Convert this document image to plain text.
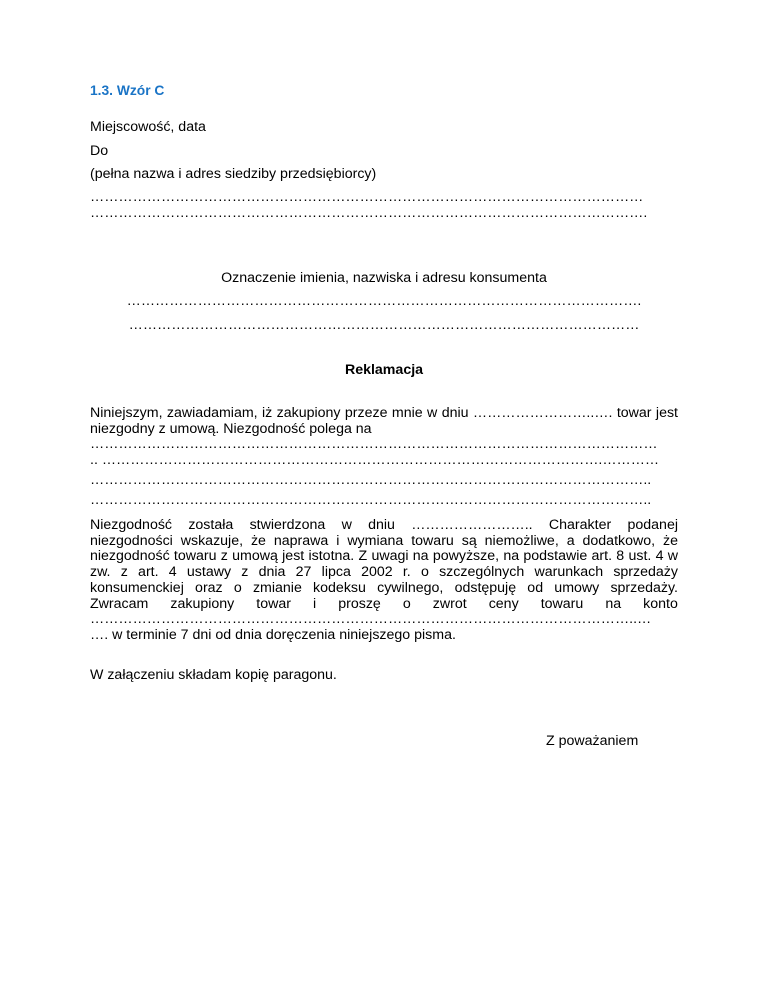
1.3. Wzór C
Miejscowość, data
Do
(pełna nazwa i adres siedziby przedsiębiorcy)
………………………………………………………………………………………………………
……………………………………………………………………………………………………….
Oznaczenie imienia, nazwiska i adresu konsumenta
……………………………………………………………………………………………….
………………………………………………………………………………………………
Reklamacja
Niniejszym, zawiadamiam, iż zakupiony przeze mnie w dniu ……………………..…. towar jest
niezgodny z umową. Niezgodność polega na
…………………………………………………………………………………………………………
.. …………………………………………………………………………………………….…………
………………………………………………………………………………………………………..
………………………………………………………………………………………………………..
Niezgodność została stwierdzona w dniu …………………….. Charakter podanej
niezgodności wskazuje, że naprawa i wymiana towaru są niemożliwe, a dodatkowo, że
niezgodność towaru z umową jest istotna. Z uwagi na powyższe, na podstawie art. 8 ust. 4 w
zw. z art. 4 ustawy z dnia 27 lipca 2002 r. o szczególnych warunkach sprzedaży
konsumenckiej oraz o zmianie kodeksu cywilnego, odstępuję od umowy sprzedaży.
Zwracam zakupiony towar i proszę o zwrot ceny towaru na konto
……………………………………………………………………………………………………..…
…. w terminie 7 dni od dnia doręczenia niniejszego pisma.
W załączeniu składam kopię paragonu.
Z poważaniem
